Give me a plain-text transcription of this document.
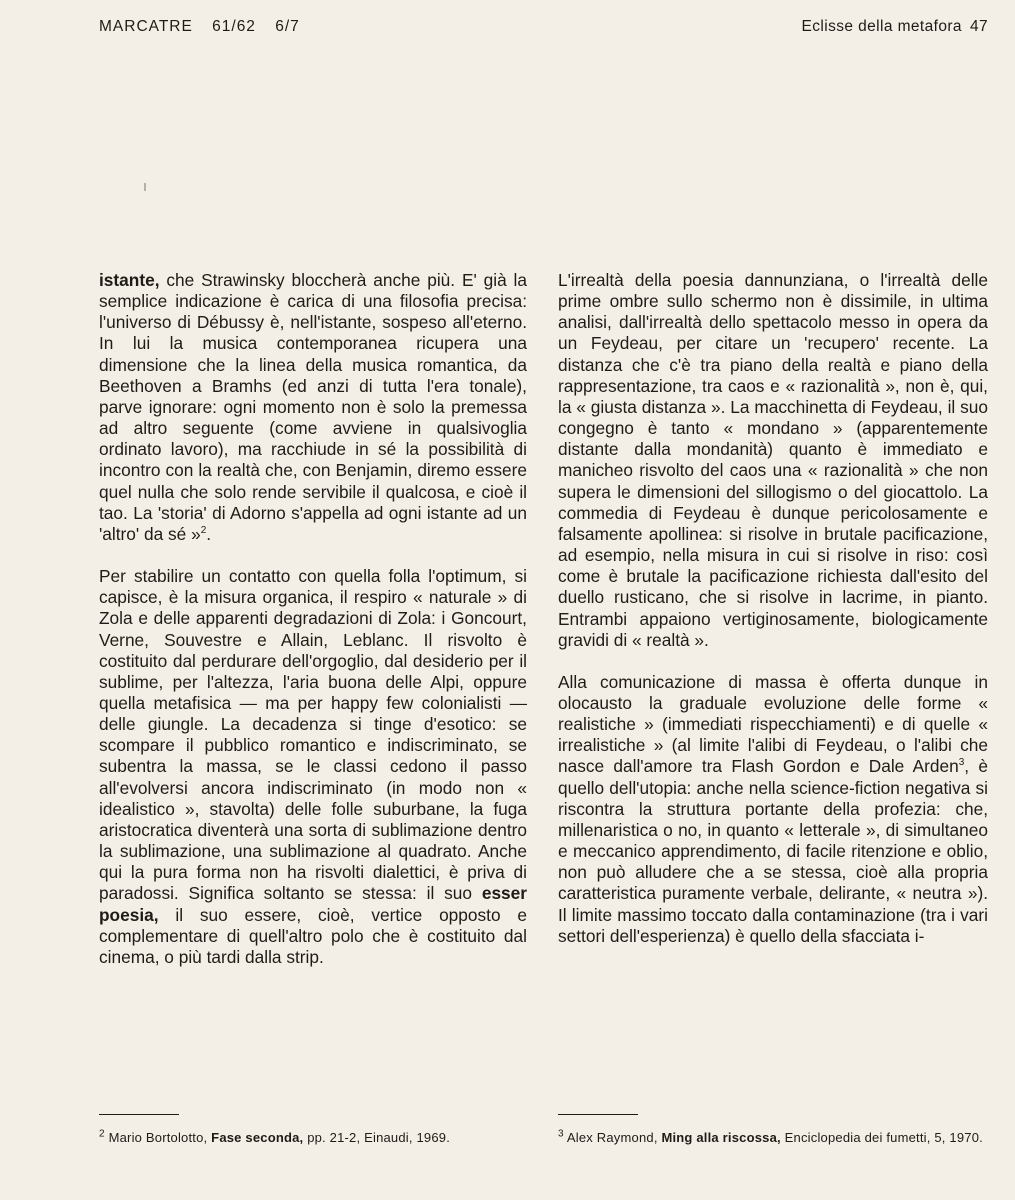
MARCATRE 61/62 6/7	Eclisse della metafora 47

istante, che Strawinsky bloccherà anche più. E' già la semplice indicazione è carica di una filosofia precisa: l'universo di Débussy è, nell'istante, sospeso all'eterno. In lui la musica contemporanea ricupera una dimensione che la linea della musica romantica, da Beethoven a Bramhs (ed anzi di tutta l'era tonale), parve ignorare: ogni momento non è solo la premessa ad altro seguente (come avviene in qualsivoglia ordinato lavoro), ma racchiude in sé la possibilità di incontro con la realtà che, con Benjamin, diremo essere quel nulla che solo rende servibile il qualcosa, e cioè il tao. La 'storia' di Adorno s'appella ad ogni istante ad un 'altro' da sé »$^2$.

Per stabilire un contatto con quella folla l'optimum, si capisce, è la misura organica, il respiro « naturale » di Zola e delle apparenti degradazioni di Zola: i Goncourt, Verne, Souvestre e Allain, Leblanc. Il risvolto è costituito dal perdurare dell'orgoglio, dal desiderio per il sublime, per l'altezza, l'aria buona delle Alpi, oppure quella metafisica — ma per happy few colonialisti — delle giungle. La decadenza si tinge d'esotico: se scompare il pubblico romantico e indiscriminato, se subentra la massa, se le classi cedono il passo all'evolversi ancora indiscriminato (in modo non « idealistico », stavolta) delle folle suburbane, la fuga aristocratica diventerà una sorta di sublimazione dentro la sublimazione, una sublimazione al quadrato. Anche qui la pura forma non ha risvolti dialettici, è priva di paradossi. Significa soltanto se stessa: il suo esser poesia, il suo essere, cioè, vertice opposto e complementare di quell'altro polo che è costituito dal cinema, o più tardi dalla strip.

L'irrealtà della poesia dannunziana, o l'irrealtà delle prime ombre sullo schermo non è dissimile, in ultima analisi, dall'irrealtà dello spettacolo messo in opera da un Feydeau, per citare un 'recupero' recente. La distanza che c'è tra piano della realtà e piano della rappresentazione, tra caos e « razionalità », non è, qui, la « giusta distanza ». La macchinetta di Feydeau, il suo congegno è tanto « mondano » (apparentemente distante dalla mondanità) quanto è immediato e manicheo risvolto del caos una « razionalità » che non supera le dimensioni del sillogismo o del giocattolo. La commedia di Feydeau è dunque pericolosamente e falsamente apollinea: si risolve in brutale pacificazione, ad esempio, nella misura in cui si risolve in riso: così come è brutale la pacificazione richiesta dall'esito del duello rusticano, che si risolve in lacrime, in pianto. Entrambi appaiono vertiginosamente, biologicamente gravidi di « realtà ».

Alla comunicazione di massa è offerta dunque in olocausto la graduale evoluzione delle forme « realistiche » (immediati rispecchiamenti) e di quelle « irrealistiche » (al limite l'alibi di Feydeau, o l'alibi che nasce dall'amore tra Flash Gordon e Dale Arden$^3$, è quello dell'utopia: anche nella science-fiction negativa si riscontra la struttura portante della profezia: che, millenaristica o no, in quanto « letterale », di simultaneo e meccanico apprendimento, di facile ritenzione e oblio, non può alludere che a se stessa, cioè alla propria caratteristica puramente verbale, delirante, « neutra »). Il limite massimo toccato dalla contaminazione (tra i vari settori dell'esperienza) è quello della sfacciata i-

$^2$ Mario Bortolotto, Fase seconda, pp. 21-2, Einaudi, 1969.	$^3$ Alex Raymond, Ming alla riscossa, Enciclopedia dei fumetti, 5, 1970.
